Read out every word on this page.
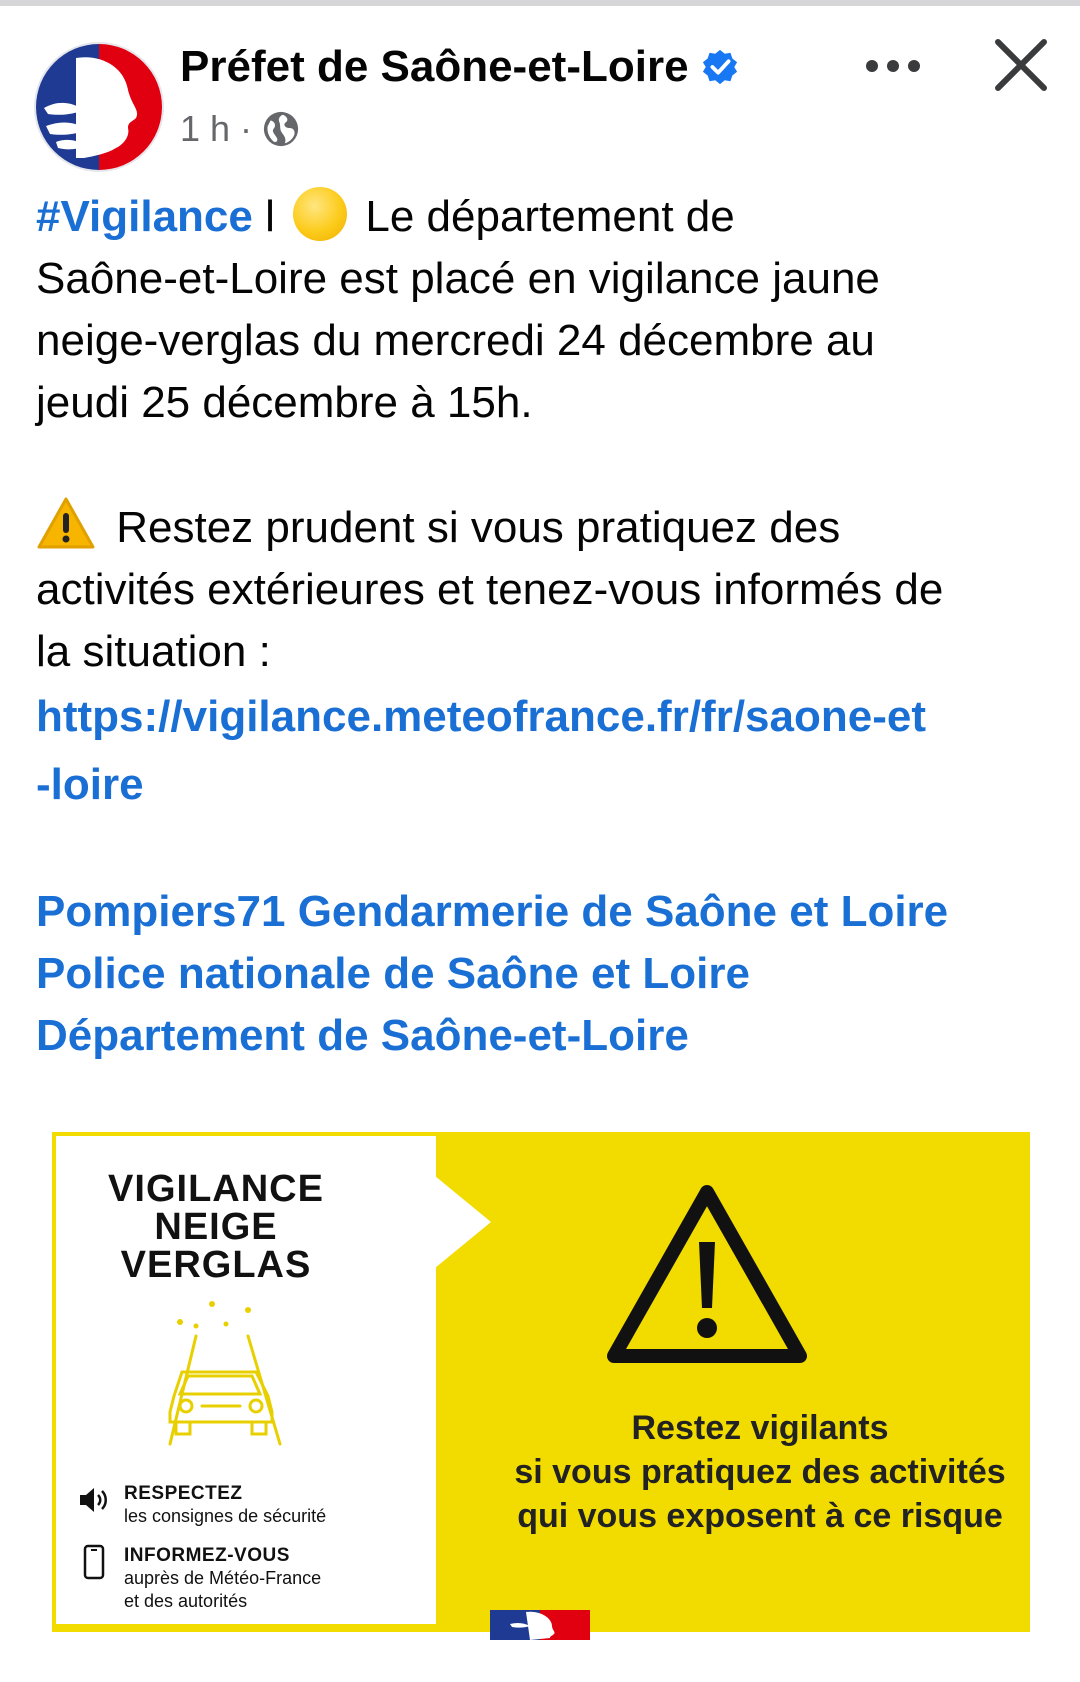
Préfet de Saône-et-Loire
1 h ·

#Vigilance l Le département de

Saône-et-Loire est placé en vigilance jaune

neige-verglas du mercredi 24 décembre au

jeudi 25 décembre à 15h.

Restez prudent si vous pratiquez des

activités extérieures et tenez-vous informés de

la situation :

https://vigilance.meteofrance.fr/fr/saone-et
-loire

Pompiers71 Gendarmerie de Saône et Loire

Police nationale de Saône et Loire

Département de Saône-et-Loire

VIGILANCE
NEIGE
VERGLAS
RESPECTEZ
les consignes de sécurité
INFORMEZ-VOUS
auprès de Météo-France
et des autorités
Restez vigilants
si vous pratiquez des activités
qui vous exposent à ce risque
